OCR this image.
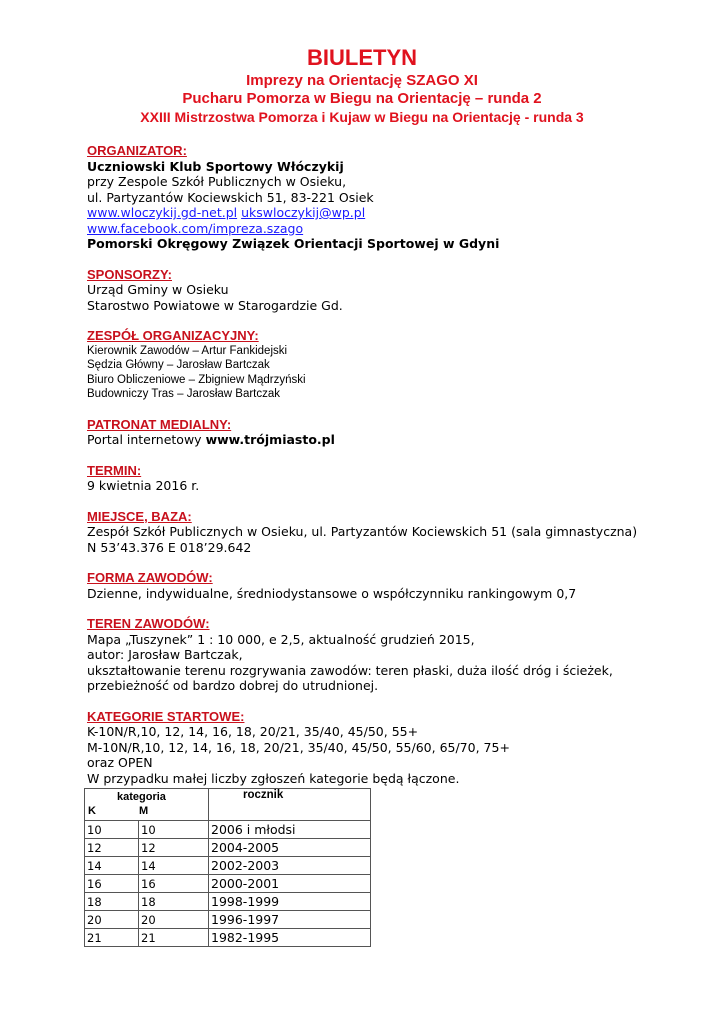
BIULETYN
Imprezy na Orientację SZAGO XI
Pucharu Pomorza w Biegu na Orientację – runda 2
XXIII Mistrzostwa Pomorza i Kujaw w Biegu na Orientację - runda 3
ORGANIZATOR:
Uczniowski Klub Sportowy Włóczykij
przy Zespole Szkół Publicznych w Osieku,
ul. Partyzantów Kociewskich 51, 83-221 Osiek
www.wloczykij.gd-net.pl ukswloczykij@wp.pl
www.facebook.com/impreza.szago
Pomorski Okręgowy Związek Orientacji Sportowej w Gdyni
SPONSORZY:
Urząd Gminy w Osieku
Starostwo Powiatowe w Starogardzie Gd.
ZESPÓŁ ORGANIZACYJNY:
Kierownik Zawodów – Artur Fankidejski
Sędzia Główny – Jarosław Bartczak
Biuro Obliczeniowe – Zbigniew Mądrzyński
Budowniczy Tras – Jarosław Bartczak
PATRONAT MEDIALNY:
Portal internetowy www.trójmiasto.pl
TERMIN:
9 kwietnia 2016 r.
MIEJSCE, BAZA:
Zespół Szkół Publicznych w Osieku, ul. Partyzantów Kociewskich 51 (sala gimnastyczna)
N 53’43.376 E 018’29.642
FORMA ZAWODÓW:
Dzienne, indywidualne, średniodystansowe o współczynniku rankingowym 0,7
TEREN ZAWODÓW:
Mapa „Tuszynek” 1 : 10 000, e 2,5, aktualność grudzień 2015,
autor: Jarosław Bartczak,
ukształtowanie terenu rozgrywania zawodów: teren płaski, duża ilość dróg i ścieżek,
przebieżność od bardzo dobrej do utrudnionej.
KATEGORIE STARTOWE:
K-10N/R,10, 12, 14, 16, 18, 20/21, 35/40, 45/50, 55+
M-10N/R,10, 12, 14, 16, 18, 20/21, 35/40, 45/50, 55/60, 65/70, 75+
oraz OPEN
W przypadku małej liczby zgłoszeń kategorie będą łączone.
kategoria
K M		rocznik
10	10	2006 i młodsi
12	12	2004-2005
14	14	2002-2003
16	16	2000-2001
18	18	1998-1999
20	20	1996-1997
21	21	1982-1995
